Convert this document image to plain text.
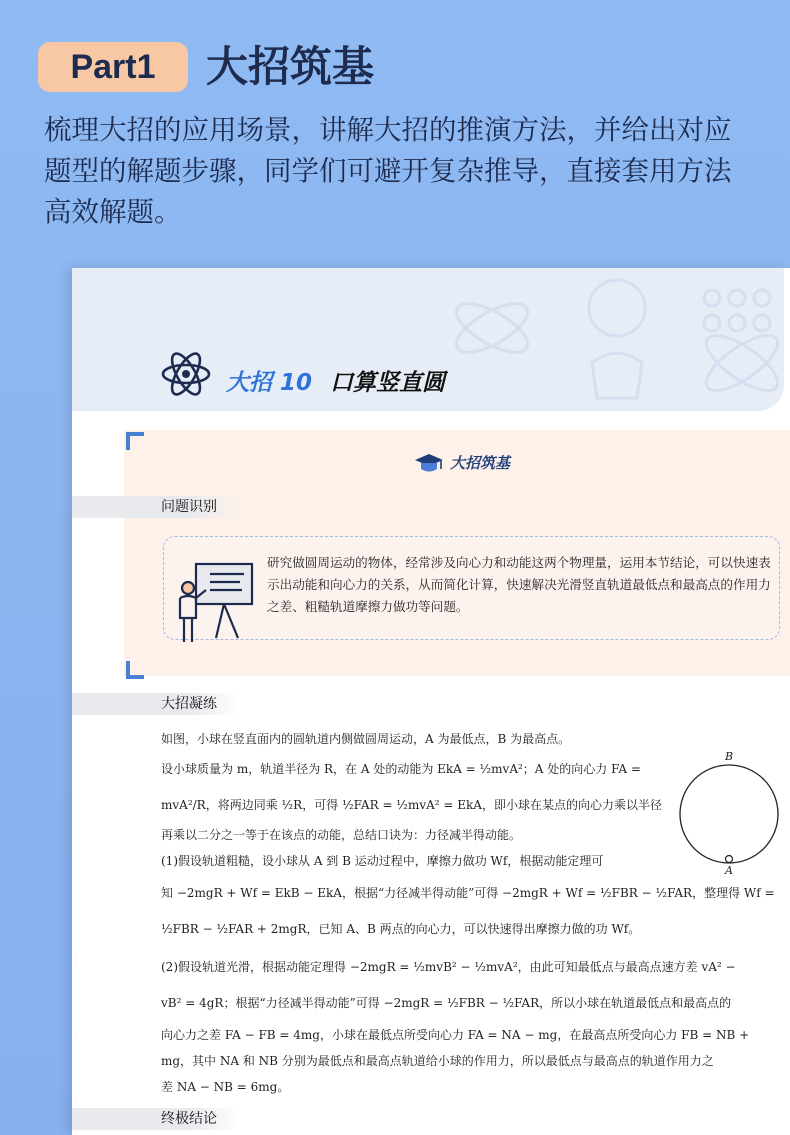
Part1	大招筑基
梳理大招的应用场景，讲解大招的推演方法，并给出对应题型的解题步骤，同学们可避开复杂推导，直接套用方法高效解题。
大招 10 口算竖直圆
大招筑基
问题识别
研究做圆周运动的物体，经常涉及向心力和动能这两个物理量，运用本节结论，可以快速表示出动能和向心力的关系，从而简化计算，快速解决光滑竖直轨道最低点和最高点的作用力之差、粗糙轨道摩擦力做功等问题。
大招凝练
如图，小球在竖直面内的圆轨道内侧做圆周运动，A 为最低点，B 为最高点。
设小球质量为 m，轨道半径为 R，在 A 处的动能为 EkA = ½mvA²；A 处的向心力 FA =
mvA²/R，将两边同乘 ½R，可得 ½FAR = ½mvA² = EkA，即小球在某点的向心力乘以半径
再乘以二分之一等于在该点的动能，总结口诀为：力径减半得动能。
(1)假设轨道粗糙，设小球从 A 到 B 运动过程中，摩擦力做功 Wf，根据动能定理可
知 −2mgR + Wf = EkB − EkA，根据“力径减半得动能”可得 −2mgR + Wf = ½FBR − ½FAR，整理得 Wf =
½FBR − ½FAR + 2mgR，已知 A、B 两点的向心力，可以快速得出摩擦力做的功 Wf。
(2)假设轨道光滑，根据动能定理得 −2mgR = ½mvB² − ½mvA²，由此可知最低点与最高点速方差 vA² −
vB² = 4gR；根据“力径减半得动能”可得 −2mgR = ½FBR − ½FAR，所以小球在轨道最低点和最高点的
向心力之差 FA − FB = 4mg，小球在最低点所受向心力 FA = NA − mg，在最高点所受向心力 FB = NB +
mg，其中 NA 和 NB 分别为最低点和最高点轨道给小球的作用力，所以最低点与最高点的轨道作用力之
差 NA − NB = 6mg。
B
A
终极结论
